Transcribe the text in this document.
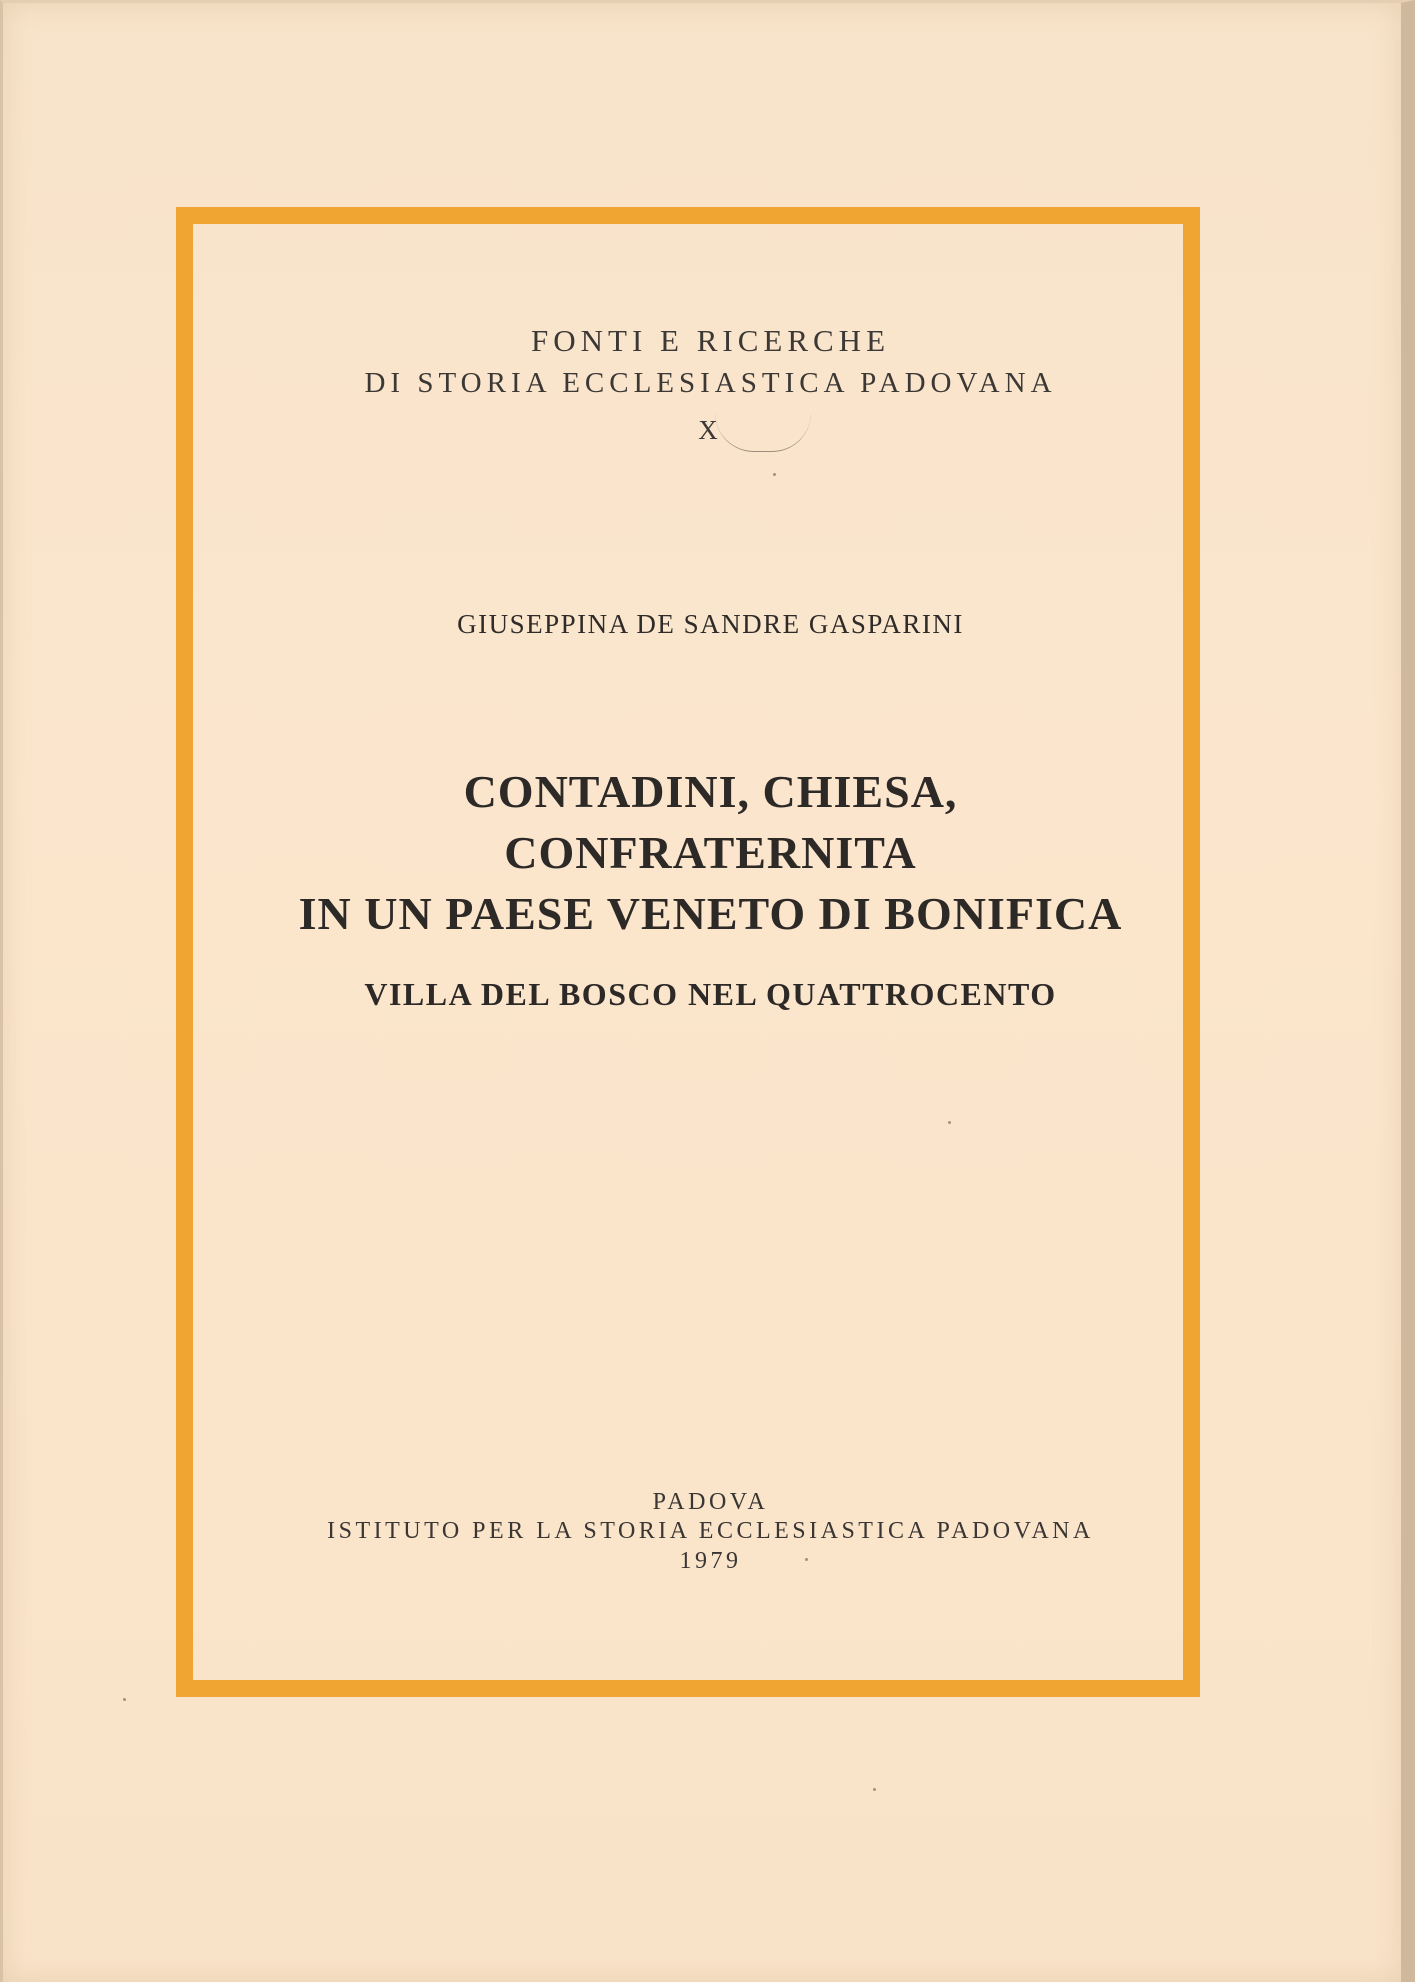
FONTI E RICERCHE
DI STORIA ECCLESIASTICA PADOVANA
X
GIUSEPPINA DE SANDRE GASPARINI
CONTADINI, CHIESA,
CONFRATERNITA
IN UN PAESE VENETO DI BONIFICA
VILLA DEL BOSCO NEL QUATTROCENTO
PADOVA
ISTITUTO PER LA STORIA ECCLESIASTICA PADOVANA
1979
